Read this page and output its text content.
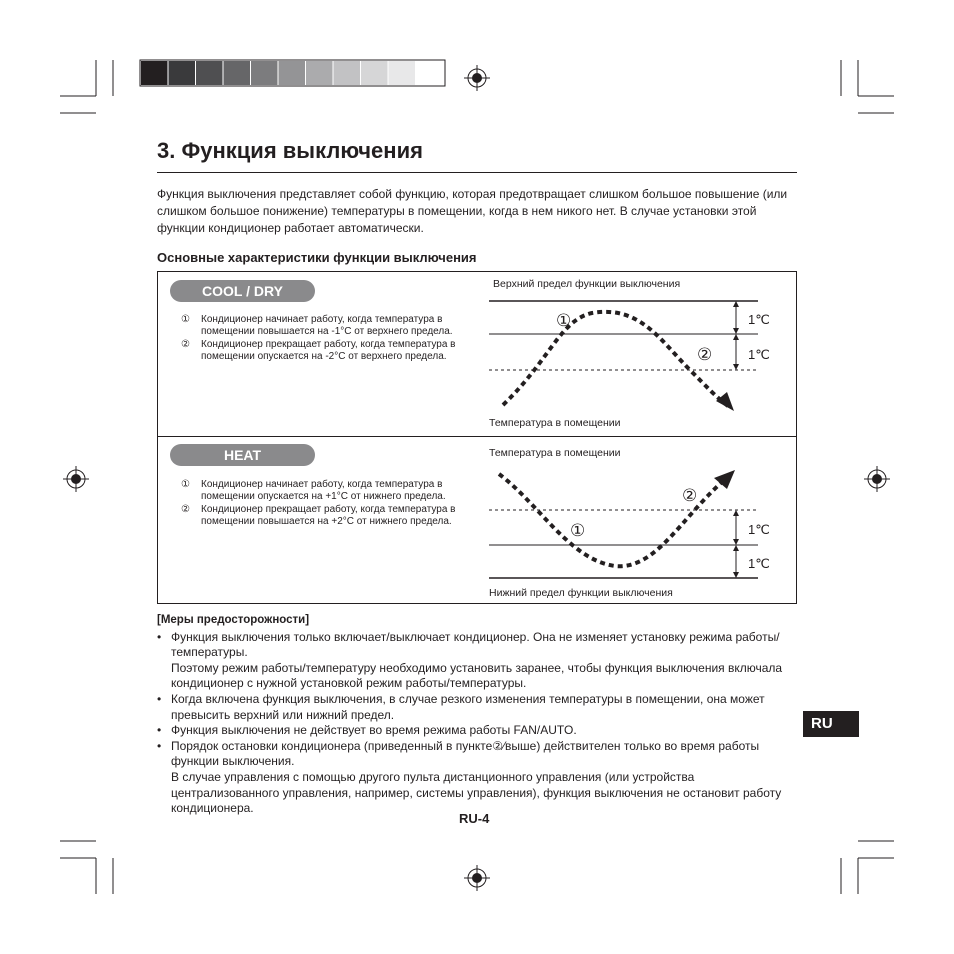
3. Функция выключения
Функция выключения представляет собой функцию, которая предотвращает слишком большое повышение (или слишком большое понижение) температуры в помещении, когда в нем никого нет. В случае установки этой функции кондиционер работает автоматически.
Основные характеристики функции выключения
COOL / DRY

① Кондиционер начинает работу, когда температура в помещении повышается на -1°C от верхнего предела.

② Кондиционер прекращает работу, когда температура в помещении опускается на -2°C от верхнего предела.

Верхний предел функции выключения
Температура в помещении
①
②
1℃
1℃
HEAT

① Кондиционер начинает работу, когда температура в помещении опускается на +1°C от нижнего предела.

② Кондиционер прекращает работу, когда температура в помещении повышается на +2°C от нижнего предела.

Температура в помещении
Нижний предел функции выключения
①
②
1℃
1℃
[Меры предосторожности]
• Функция выключения только включает/выключает кондиционер. Она не изменяет установку режима работы/температуры.
Поэтому режим работы/температуру необходимо установить заранее, чтобы функция выключения включала кондиционер с нужной установкой режим работы/температуры.
• Когда включена функция выключения, в случае резкого изменения температуры в помещении, она может превысить верхний или нижний предел.
• Функция выключения не действует во время режима работы FAN/AUTO.
• Порядок остановки кондиционера (приведенный в пункте②⁄выше) действителен только во время работы функции выключения.
В случае управления с помощью другого пульта дистанционного управления (или устройства централизованного управления, например, системы управления), функция выключения не остановит работу кондиционера.
RU-4
RU
